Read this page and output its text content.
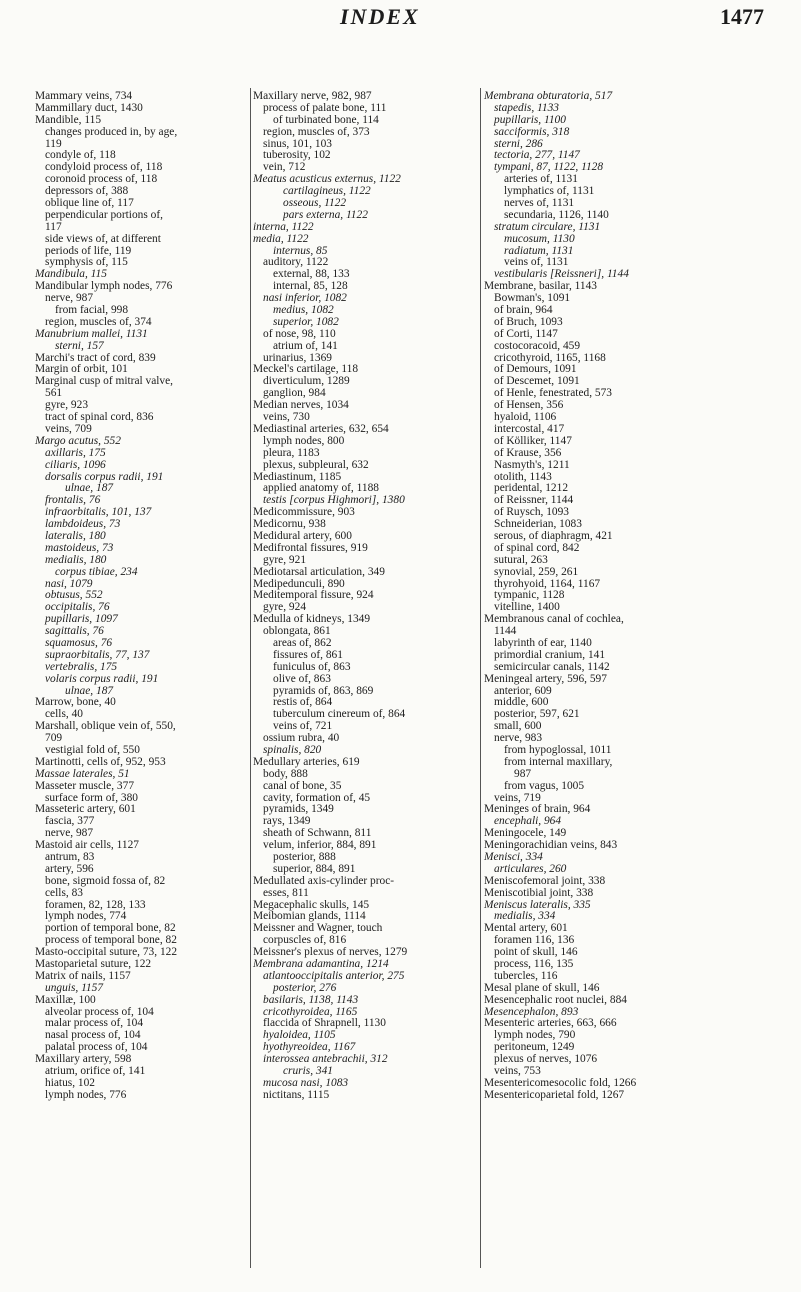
INDEX	1477
Mammary veins, 734
Mammillary duct, 1430
Mandible, 115
changes produced in, by age,
119
condyle of, 118
condyloid process of, 118
coronoid process of, 118
depressors of, 388
oblique line of, 117
perpendicular portions of,
117
side views of, at different
periods of life, 119
symphysis of, 115
Mandibula, 115
Mandibular lymph nodes, 776
nerve, 987
from facial, 998
region, muscles of, 374
Manubrium mallei, 1131
sterni, 157
Marchi's tract of cord, 839
Margin of orbit, 101
Marginal cusp of mitral valve,
561
gyre, 923
tract of spinal cord, 836
veins, 709
Margo acutus, 552
axillaris, 175
ciliaris, 1096
dorsalis corpus radii, 191
ulnae, 187
frontalis, 76
infraorbitalis, 101, 137
lambdoideus, 73
lateralis, 180
mastoideus, 73
medialis, 180
corpus tibiae, 234
nasi, 1079
obtusus, 552
occipitalis, 76
pupillaris, 1097
sagittalis, 76
squamosus, 76
supraorbitalis, 77, 137
vertebralis, 175
volaris corpus radii, 191
ulnae, 187
Marrow, bone, 40
cells, 40
Marshall, oblique vein of, 550,
709
vestigial fold of, 550
Martinotti, cells of, 952, 953
Massae laterales, 51
Masseter muscle, 377
surface form of, 380
Masseteric artery, 601
fascia, 377
nerve, 987
Mastoid air cells, 1127
antrum, 83
artery, 596
bone, sigmoid fossa of, 82
cells, 83
foramen, 82, 128, 133
lymph nodes, 774
portion of temporal bone, 82
process of temporal bone, 82
Masto-occipital suture, 73, 122
Mastoparietal suture, 122
Matrix of nails, 1157
unguis, 1157
Maxillæ, 100
alveolar process of, 104
malar process of, 104
nasal process of, 104
palatal process of, 104
Maxillary artery, 598
atrium, orifice of, 141
hiatus, 102
lymph nodes, 776
Maxillary nerve, 982, 987
process of palate bone, 111
of turbinated bone, 114
region, muscles of, 373
sinus, 101, 103
tuberosity, 102
vein, 712
Meatus acusticus externus, 1122
cartilagineus, 1122
osseous, 1122
pars externa, 1122
interna, 1122
media, 1122
internus, 85
auditory, 1122
external, 88, 133
internal, 85, 128
nasi inferior, 1082
medius, 1082
superior, 1082
of nose, 98, 110
atrium of, 141
urinarius, 1369
Meckel's cartilage, 118
diverticulum, 1289
ganglion, 984
Median nerves, 1034
veins, 730
Mediastinal arteries, 632, 654
lymph nodes, 800
pleura, 1183
plexus, subpleural, 632
Mediastinum, 1185
applied anatomy of, 1188
testis [corpus Highmori], 1380
Medicommissure, 903
Medicornu, 938
Medidural artery, 600
Medifrontal fissures, 919
gyre, 921
Mediotarsal articulation, 349
Medipedunculi, 890
Meditemporal fissure, 924
gyre, 924
Medulla of kidneys, 1349
oblongata, 861
areas of, 862
fissures of, 861
funiculus of, 863
olive of, 863
pyramids of, 863, 869
restis of, 864
tuberculum cinereum of, 864
veins of, 721
ossium rubra, 40
spinalis, 820
Medullary arteries, 619
body, 888
canal of bone, 35
cavity, formation of, 45
pyramids, 1349
rays, 1349
sheath of Schwann, 811
velum, inferior, 884, 891
posterior, 888
superior, 884, 891
Medullated axis-cylinder proc-
esses, 811
Megacephalic skulls, 145
Meibomian glands, 1114
Meissner and Wagner, touch
corpuscles of, 816
Meissner's plexus of nerves, 1279
Membrana adamantina, 1214
atlantooccipitalis anterior, 275
posterior, 276
basilaris, 1138, 1143
cricothyroidea, 1165
flaccida of Shrapnell, 1130
hyaloidea, 1105
hyothyreoidea, 1167
interossea antebrachii, 312
cruris, 341
mucosa nasi, 1083
nictitans, 1115
Membrana obturatoria, 517
stapedis, 1133
pupillaris, 1100
sacciformis, 318
sterni, 286
tectoria, 277, 1147
tympani, 87, 1122, 1128
arteries of, 1131
lymphatics of, 1131
nerves of, 1131
secundaria, 1126, 1140
stratum circulare, 1131
mucosum, 1130
radiatum, 1131
veins of, 1131
vestibularis [Reissneri], 1144
Membrane, basilar, 1143
Bowman's, 1091
of brain, 964
of Bruch, 1093
of Corti, 1147
costocoracoid, 459
cricothyroid, 1165, 1168
of Demours, 1091
of Descemet, 1091
of Henle, fenestrated, 573
of Hensen, 356
hyaloid, 1106
intercostal, 417
of Kölliker, 1147
of Krause, 356
Nasmyth's, 1211
otolith, 1143
peridental, 1212
of Reissner, 1144
of Ruysch, 1093
Schneiderian, 1083
serous, of diaphragm, 421
of spinal cord, 842
sutural, 263
synovial, 259, 261
thyrohyoid, 1164, 1167
tympanic, 1128
vitelline, 1400
Membranous canal of cochlea,
1144
labyrinth of ear, 1140
primordial cranium, 141
semicircular canals, 1142
Meningeal artery, 596, 597
anterior, 609
middle, 600
posterior, 597, 621
small, 600
nerve, 983
from hypoglossal, 1011
from internal maxillary,
987
from vagus, 1005
veins, 719
Meninges of brain, 964
encephali, 964
Meningocele, 149
Meningorachidian veins, 843
Menisci, 334
articulares, 260
Meniscofemoral joint, 338
Meniscotibial joint, 338
Meniscus lateralis, 335
medialis, 334
Mental artery, 601
foramen 116, 136
point of skull, 146
process, 116, 135
tubercles, 116
Mesal plane of skull, 146
Mesencephalic root nuclei, 884
Mesencephalon, 893
Mesenteric arteries, 663, 666
lymph nodes, 790
peritoneum, 1249
plexus of nerves, 1076
veins, 753
Mesentericomesocolic fold, 1266
Mesentericoparietal fold, 1267
